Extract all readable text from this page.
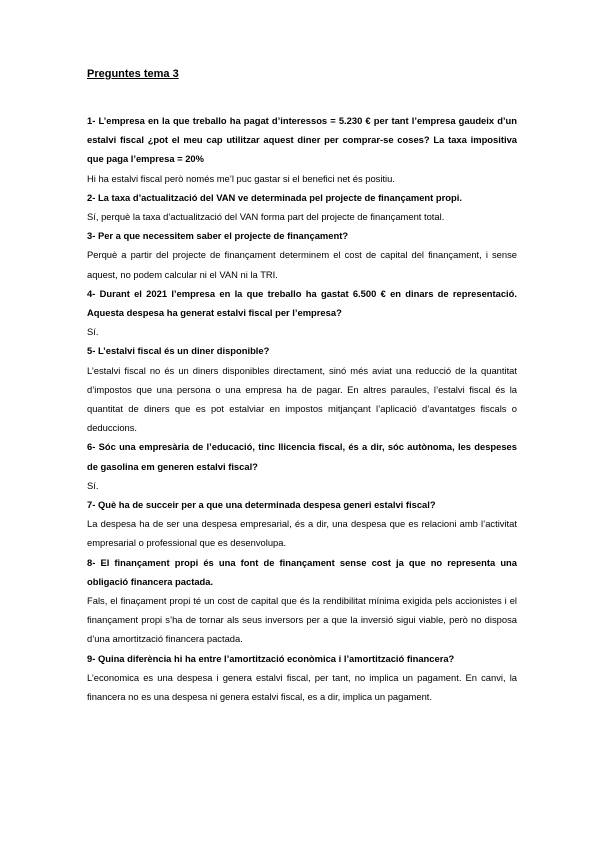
Preguntes tema 3

1- L’empresa en la que treballo ha pagat d’interessos = 5.230 € per tant l’empresa gaudeix d’un estalvi fiscal ¿pot el meu cap utilitzar aquest diner per comprar-se coses? La taxa impositiva que paga l’empresa = 20%

Hi ha estalvi fiscal però només me’l puc gastar si el benefici net és positiu.

2- La taxa d’actualització del VAN ve determinada pel projecte de finançament propi.

Sí, perquè la taxa d’actualització del VAN forma part del projecte de finançament total.

3- Per a que necessitem saber el projecte de finançament?

Perquè a partir del projecte de finançament determinem el cost de capital del finançament, i sense aquest, no podem calcular ni el VAN ni la TRI.

4- Durant el 2021 l’empresa en la que treballo ha gastat 6.500 € en dinars de representació. Aquesta despesa ha generat estalvi fiscal per l’empresa?

Sí.

5- L’estalvi fiscal és un diner disponible?

L’estalvi fiscal no és un diners disponibles directament, sinó més aviat una reducció de la quantitat d’impostos que una persona o una empresa ha de pagar. En altres paraules, l’estalvi fiscal és la quantitat de diners que es pot estalviar en impostos mitjançant l’aplicació d’avantatges fiscals o deduccions.

6- Sóc una empresària de l’educació, tinc llicencia fiscal, és a dir, sóc autònoma, les despeses de gasolina em generen estalvi fiscal?

Sí.

7- Què ha de succeir per a que una determinada despesa generi estalvi fiscal?

La despesa ha de ser una despesa empresarial, és a dir, una despesa que es relacioni amb l’activitat empresarial o professional que es desenvolupa.

8- El finançament propi és una font de finançament sense cost ja que no representa una obligació financera pactada.

Fals, el finaçament propi té un cost de capital que és la rendibilitat mínima exigida pels accionistes i el finançament propi s’ha de tornar als seus inversors per a que la inversió sigui viable, però no disposa d’una amortització financera pactada.

9- Quina diferència hi ha entre l’amortització econòmica i l’amortització financera?

L’economica es una despesa i genera estalvi fiscal, per tant, no implica un pagament. En canvi, la financera no es una despesa ni genera estalvi fiscal, es a dir, implica un pagament.
